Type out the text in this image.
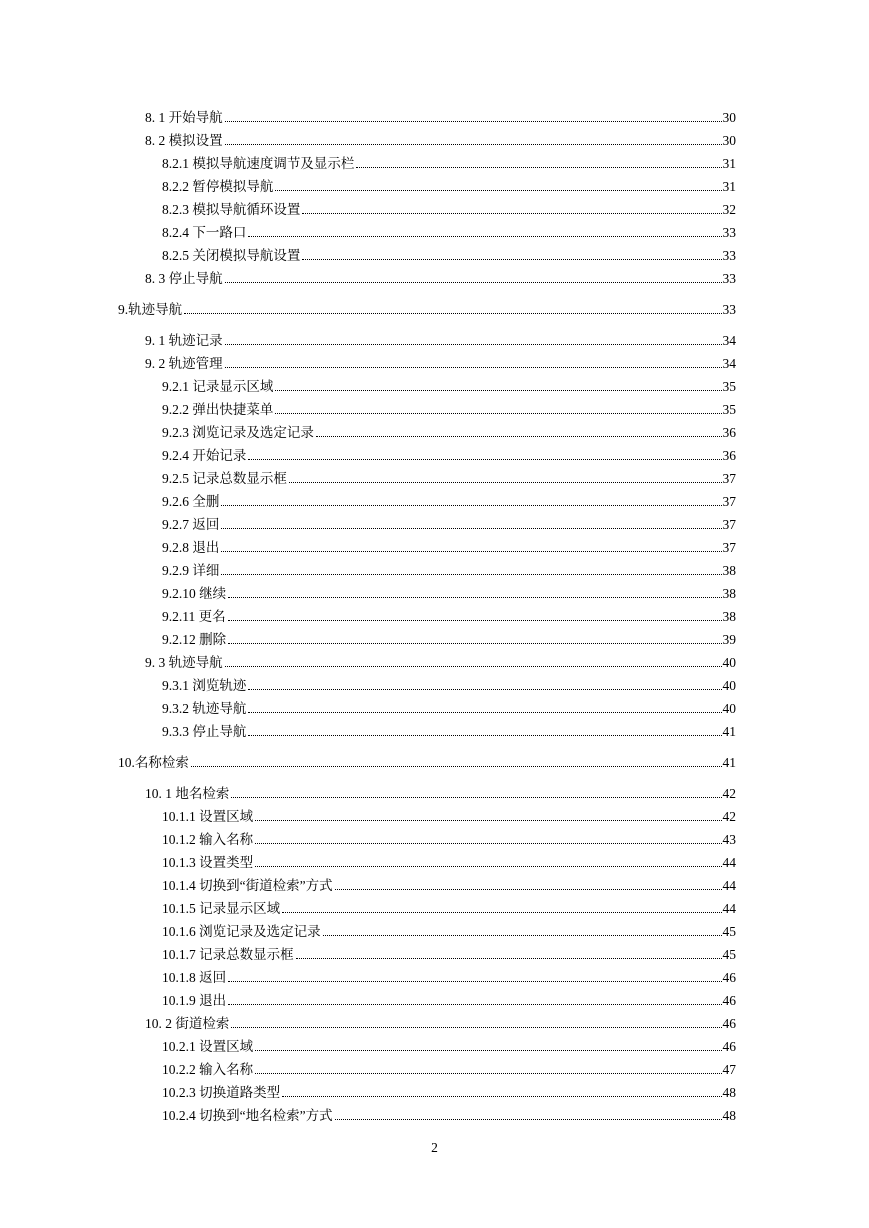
8. 1 开始导航	30
8. 2 模拟设置	30
8.2.1 模拟导航速度调节及显示栏	31
8.2.2 暂停模拟导航	31
8.2.3 模拟导航循环设置	32
8.2.4 下一路口	33
8.2.5 关闭模拟导航设置	33
8. 3 停止导航	33
9.轨迹导航	33
9. 1 轨迹记录	34
9. 2 轨迹管理	34
9.2.1 记录显示区域	35
9.2.2 弹出快捷菜单	35
9.2.3 浏览记录及选定记录	36
9.2.4 开始记录	36
9.2.5 记录总数显示框	37
9.2.6 全删	37
9.2.7 返回	37
9.2.8 退出	37
9.2.9 详细	38
9.2.10 继续	38
9.2.11 更名	38
9.2.12 删除	39
9. 3 轨迹导航	40
9.3.1 浏览轨迹	40
9.3.2 轨迹导航	40
9.3.3 停止导航	41
10.名称检索	41
10. 1 地名检索	42
10.1.1 设置区域	42
10.1.2 输入名称	43
10.1.3 设置类型	44
10.1.4 切换到“街道检索”方式	44
10.1.5 记录显示区域	44
10.1.6 浏览记录及选定记录	45
10.1.7 记录总数显示框	45
10.1.8 返回	46
10.1.9 退出	46
10. 2 街道检索	46
10.2.1 设置区域	46
10.2.2 输入名称	47
10.2.3 切换道路类型	48
10.2.4 切换到“地名检索”方式	48
2
